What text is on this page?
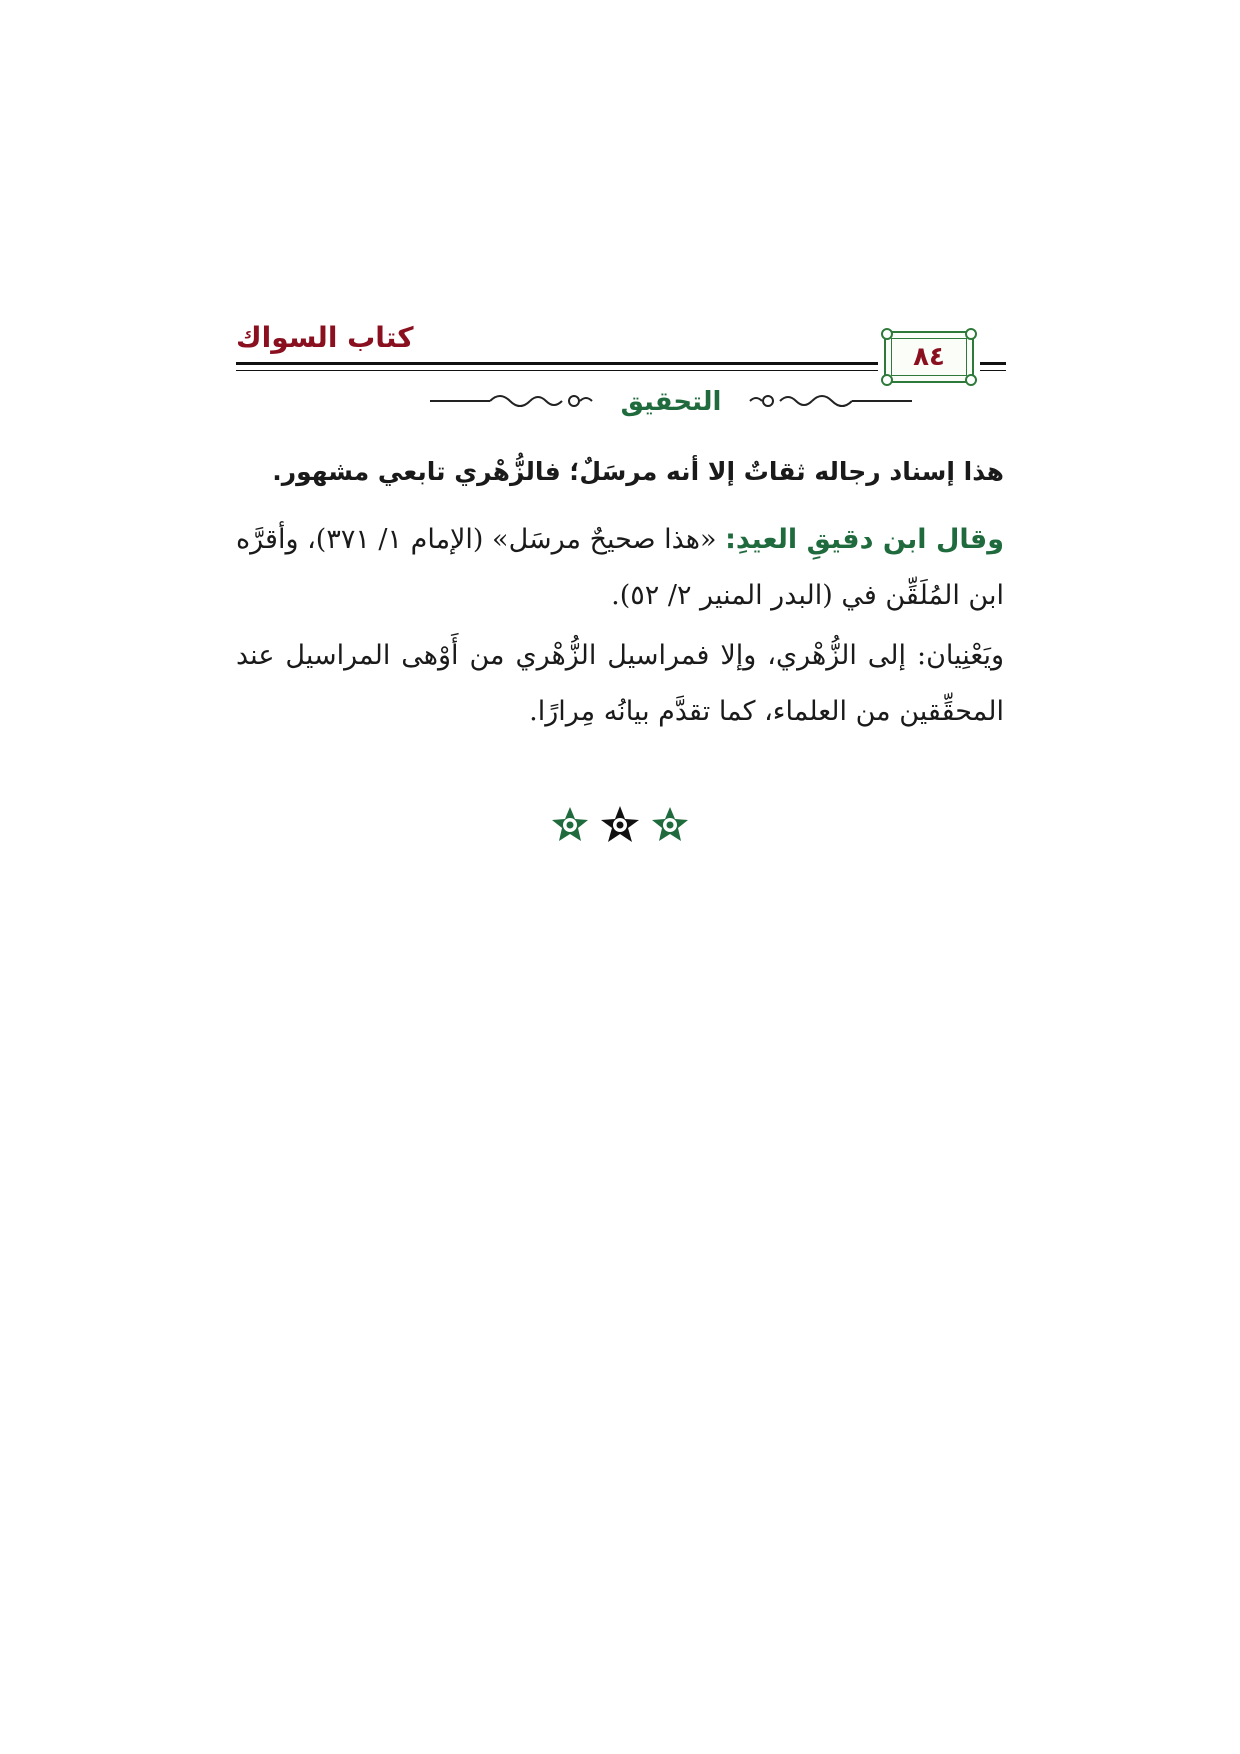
كتاب السواك
٨٤
التحقيق
هذا إسناد رجاله ثقاتٌ إلا أنه مرسَلٌ؛ فالزُّهْري تابعي مشهور.
وقال ابن دقيقِ العيدِ: «هذا صحيحٌ مرسَل» (الإمام ١/ ٣٧١)، وأقرَّه ابن المُلَقِّن في (البدر المنير ٢/ ٥٢).
ويَعْنِيان: إلى الزُّهْري، وإلا فمراسيل الزُّهْري من أَوْهى المراسيل عند المحقِّقين من العلماء، كما تقدَّم بيانُه مِرارًا.
